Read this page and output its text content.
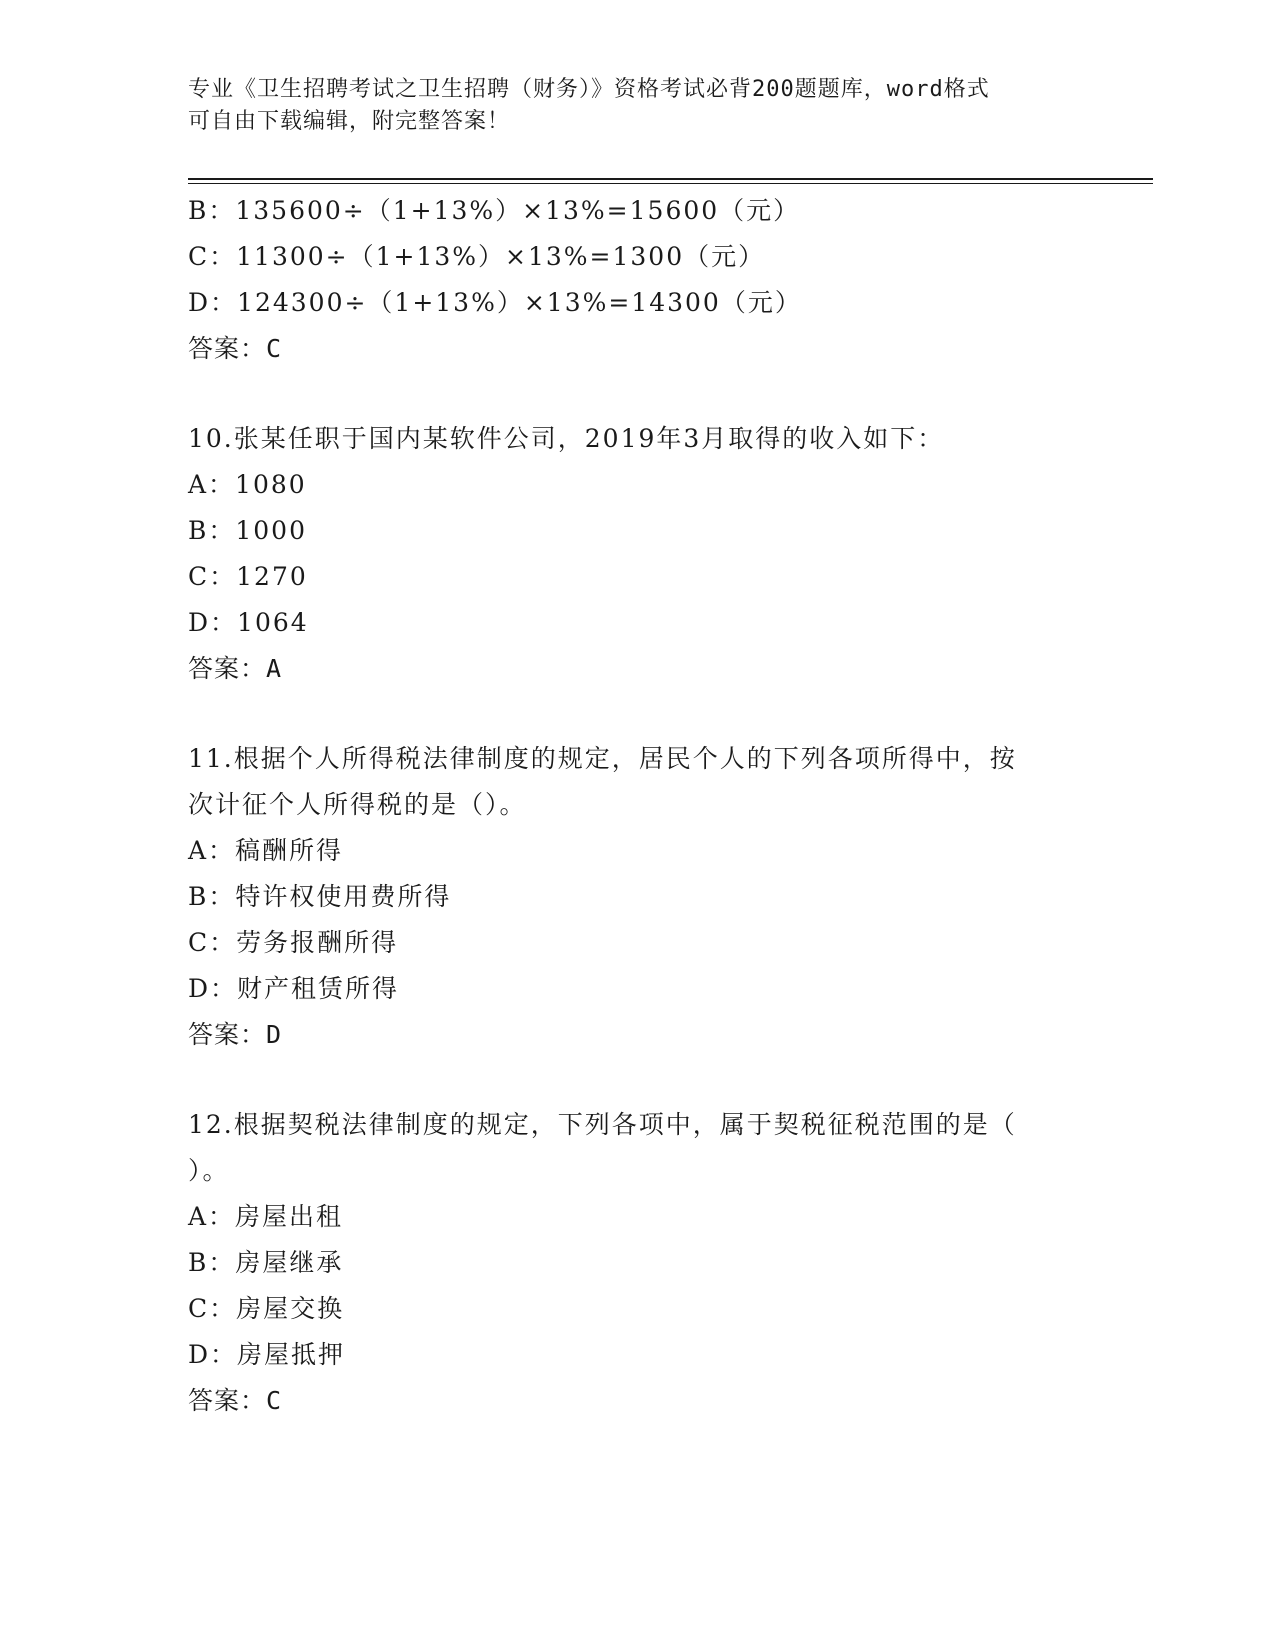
专业《卫生招聘考试之卫生招聘（财务）》资格考试必背200题题库，word格式
可自由下载编辑，附完整答案！
B：135600÷（1+13%）×13%=15600（元）
C：11300÷（1+13%）×13%=1300（元）
D：124300÷（1+13%）×13%=14300（元）
答案：C
10.张某任职于国内某软件公司，2019年3月取得的收入如下：
A：1080
B：1000
C：1270
D：1064
答案：A
11.根据个人所得税法律制度的规定，居民个人的下列各项所得中，按
次计征个人所得税的是（）。
A：稿酬所得
B：特许权使用费所得
C：劳务报酬所得
D：财产租赁所得
答案：D
12.根据契税法律制度的规定，下列各项中，属于契税征税范围的是（
）。
A：房屋出租
B：房屋继承
C：房屋交换
D：房屋抵押
答案：C
